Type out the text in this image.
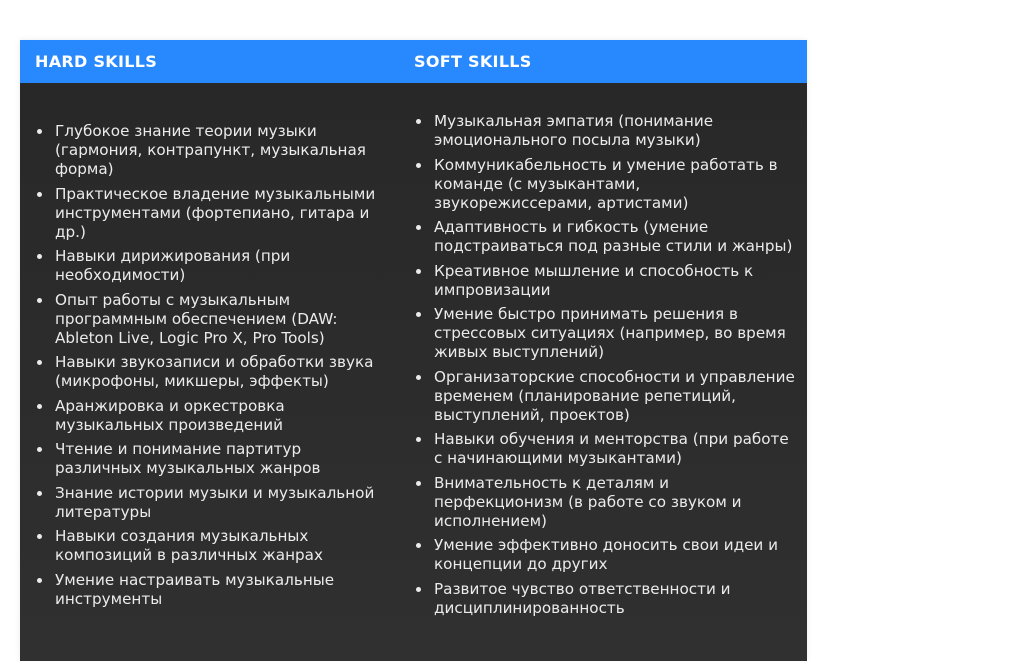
HARD SKILLS	SOFT SKILLS
Глубокое знание теории музыки (гармония, контрапункт, музыкальная форма)
Практическое владение музыкальными инструментами (фортепиано, гитара и др.)
Навыки дирижирования (при необходимости)
Опыт работы с музыкальным программным обеспечением (DAW: Ableton Live, Logic Pro X, Pro Tools)
Навыки звукозаписи и обработки звука (микрофоны, микшеры, эффекты)
Аранжировка и оркестровка музыкальных произведений
Чтение и понимание партитур различных музыкальных жанров
Знание истории музыки и музыкальной литературы
Навыки создания музыкальных композиций в различных жанрах
Умение настраивать музыкальные инструменты
Музыкальная эмпатия (понимание эмоционального посыла музыки)
Коммуникабельность и умение работать в команде (с музыкантами, звукорежиссерами, артистами)
Адаптивность и гибкость (умение подстраиваться под разные стили и жанры)
Креативное мышление и способность к импровизации
Умение быстро принимать решения в стрессовых ситуациях (например, во время живых выступлений)
Организаторские способности и управление временем (планирование репетиций, выступлений, проектов)
Навыки обучения и менторства (при работе с начинающими музыкантами)
Внимательность к деталям и перфекционизм (в работе со звуком и исполнением)
Умение эффективно доносить свои идеи и концепции до других
Развитое чувство ответственности и дисциплинированность
